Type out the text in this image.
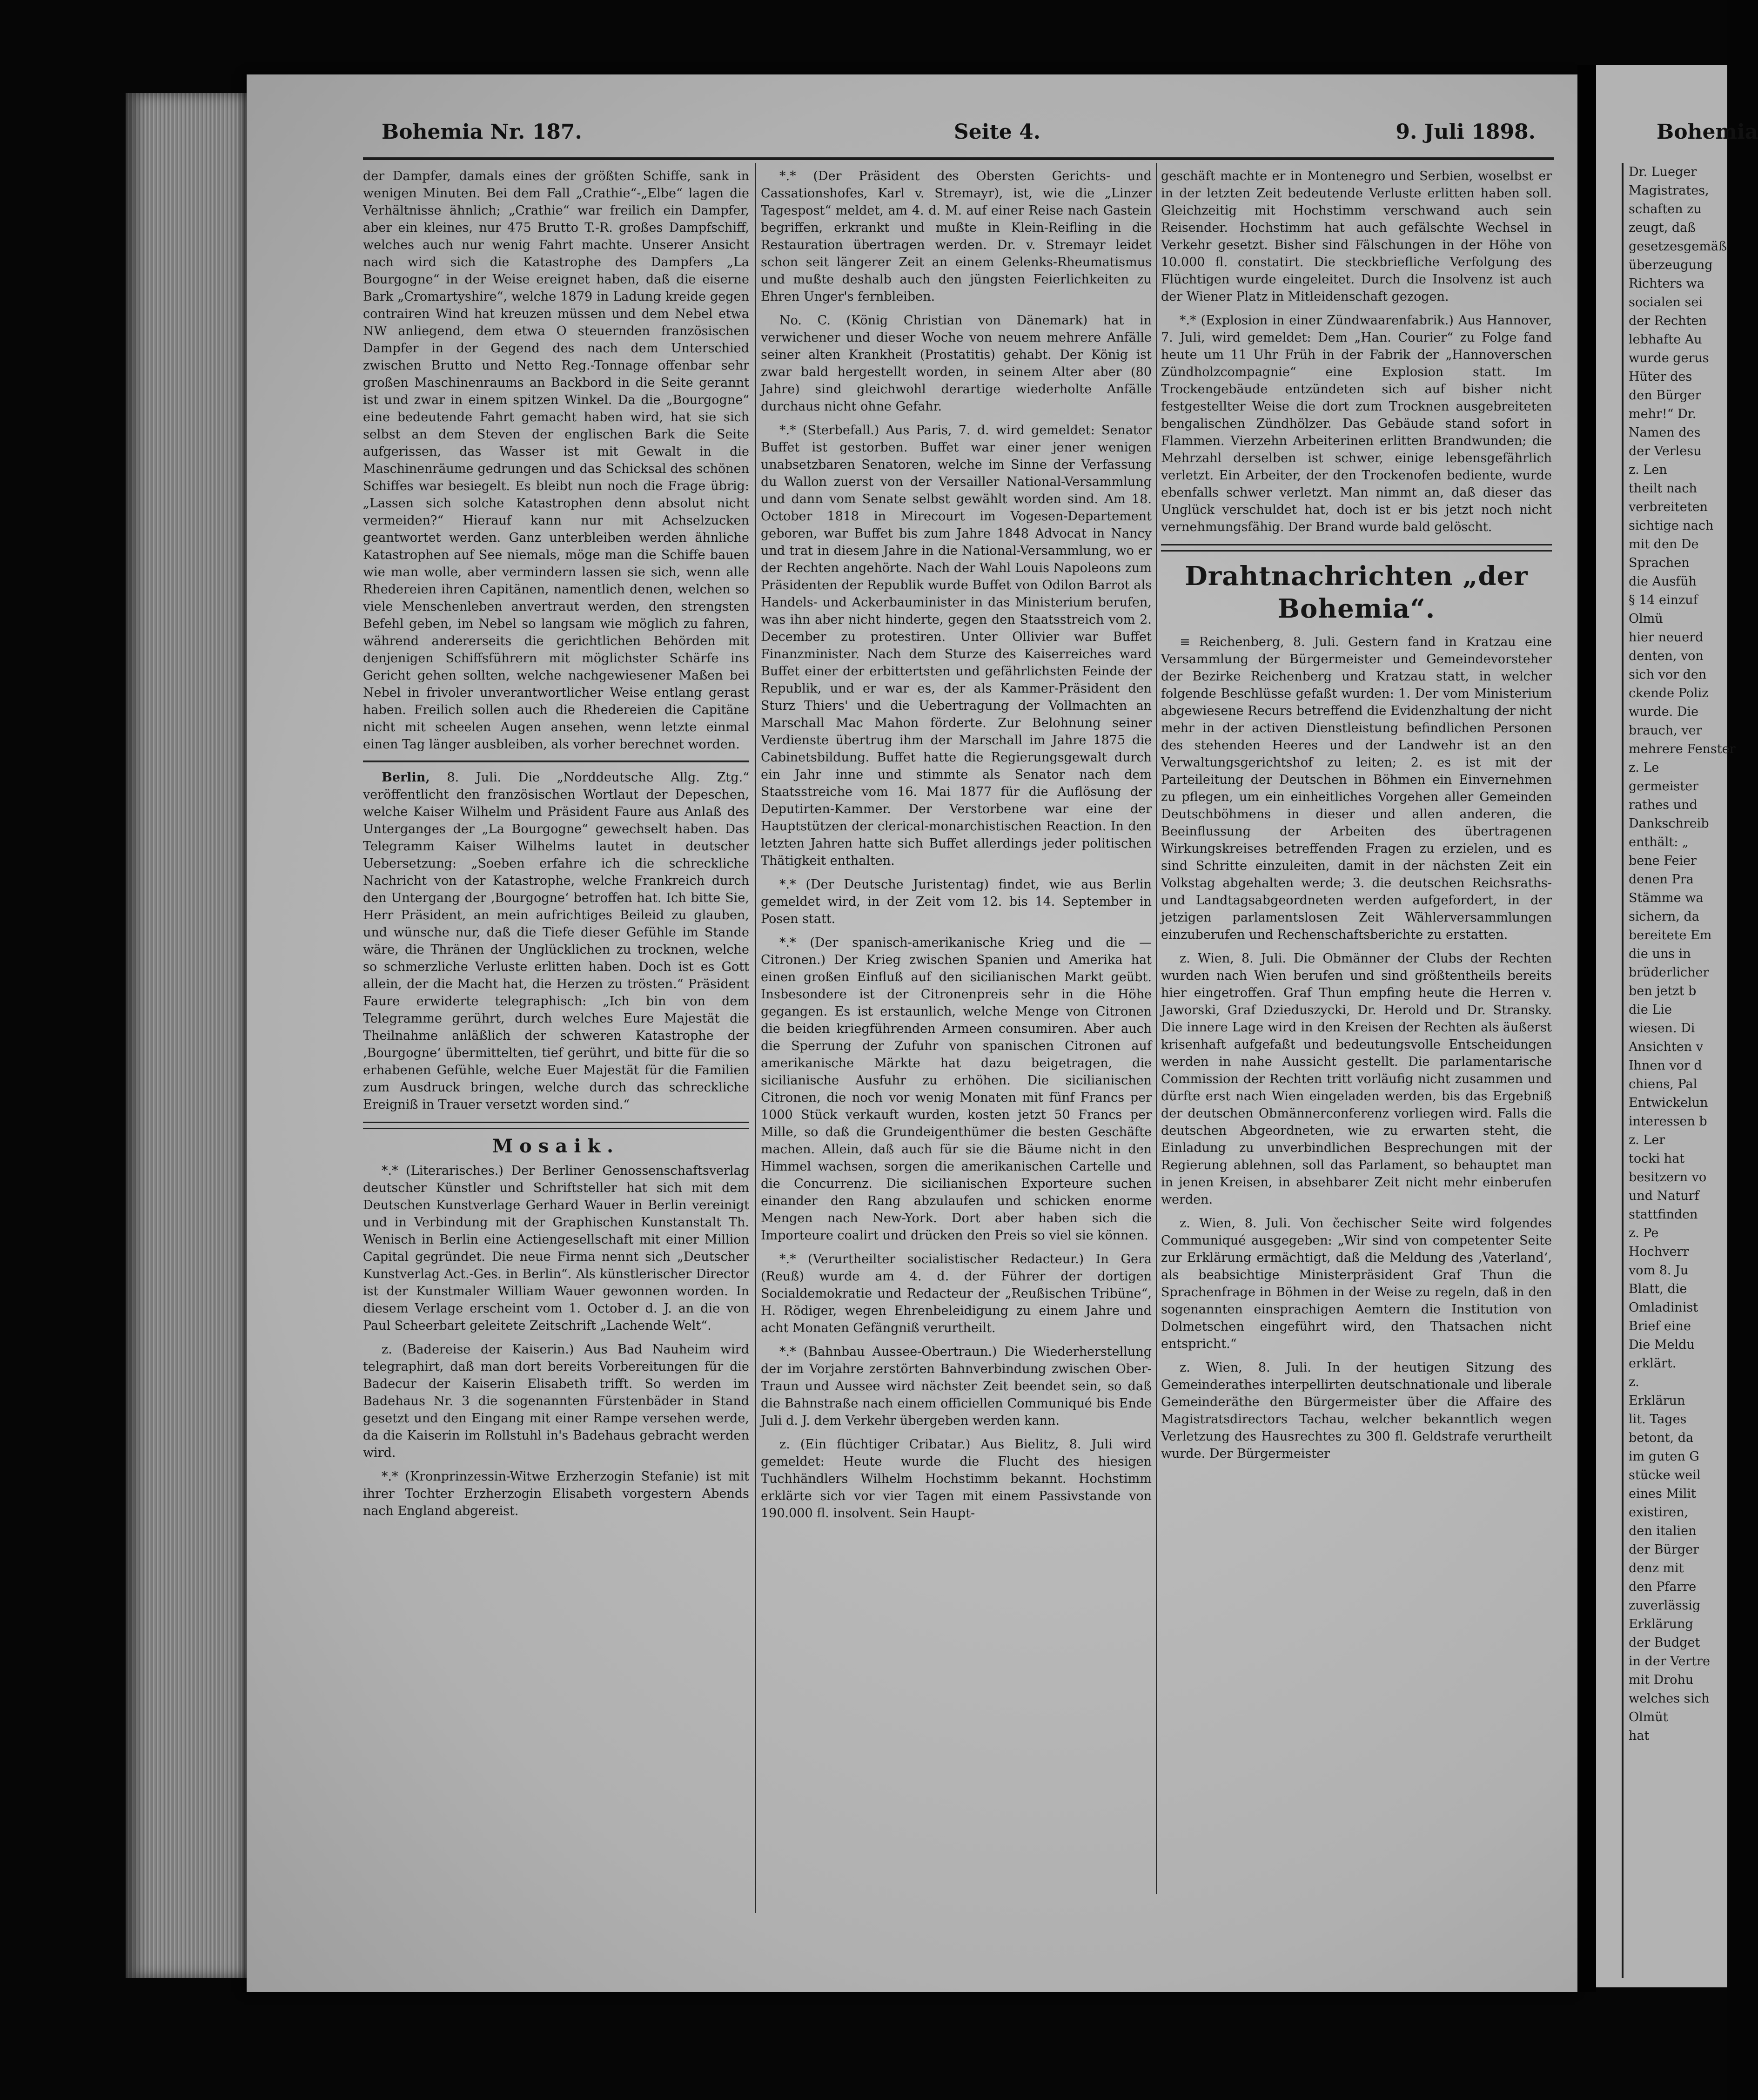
Bohemia Nr. 187.	Seite 4.	9. Juli 1898.

der Dampfer, damals eines der größten Schiffe, sank in wenigen Minuten. Bei dem Fall „Crathie“-„Elbe“ lagen die Verhältnisse ähnlich; „Crathie“ war freilich ein Dampfer, aber ein kleines, nur 475 Brutto T.-R. großes Dampfschiff, welches auch nur wenig Fahrt machte. Unserer Ansicht nach wird sich die Katastrophe des Dampfers „La Bourgogne“ in der Weise ereignet haben, daß die eiserne Bark „Cromartyshire“, welche 1879 in Ladung kreide gegen contrairen Wind hat kreuzen müssen und dem Nebel etwa NW anliegend, dem etwa O steuernden französischen Dampfer in der Gegend des nach dem Unterschied zwischen Brutto und Netto Reg.-Tonnage offenbar sehr großen Maschinenraums an Backbord in die Seite gerannt ist und zwar in einem spitzen Winkel. Da die „Bourgogne“ eine bedeutende Fahrt gemacht haben wird, hat sie sich selbst an dem Steven der englischen Bark die Seite aufgerissen, das Wasser ist mit Gewalt in die Maschinenräume gedrungen und das Schicksal des schönen Schiffes war besiegelt. Es bleibt nun noch die Frage übrig: „Lassen sich solche Katastrophen denn absolut nicht vermeiden?“ Hierauf kann nur mit Achselzucken geantwortet werden. Ganz unterbleiben werden ähnliche Katastrophen auf See niemals, möge man die Schiffe bauen wie man wolle, aber vermindern lassen sie sich, wenn alle Rhedereien ihren Capitänen, namentlich denen, welchen so viele Menschenleben anvertraut werden, den strengsten Befehl geben, im Nebel so langsam wie möglich zu fahren, während andererseits die gerichtlichen Behörden mit denjenigen Schiffsführern mit möglichster Schärfe ins Gericht gehen sollten, welche nachgewiesener Maßen bei Nebel in frivoler unverantwortlicher Weise entlang gerast haben. Freilich sollen auch die Rhedereien die Capitäne nicht mit scheelen Augen ansehen, wenn letzte einmal einen Tag länger ausbleiben, als vorher berechnet worden.

Berlin, 8. Juli. Die „Norddeutsche Allg. Ztg.“ veröffentlicht den französischen Wortlaut der Depeschen, welche Kaiser Wilhelm und Präsident Faure aus Anlaß des Unterganges der „La Bourgogne“ gewechselt haben. Das Telegramm Kaiser Wilhelms lautet in deutscher Uebersetzung: „Soeben erfahre ich die schreckliche Nachricht von der Katastrophe, welche Frankreich durch den Untergang der ‚Bourgogne‘ betroffen hat. Ich bitte Sie, Herr Präsident, an mein aufrichtiges Beileid zu glauben, und wünsche nur, daß die Tiefe dieser Gefühle im Stande wäre, die Thränen der Unglücklichen zu trocknen, welche so schmerzliche Verluste erlitten haben. Doch ist es Gott allein, der die Macht hat, die Herzen zu trösten.“ Präsident Faure erwiderte telegraphisch: „Ich bin von dem Telegramme gerührt, durch welches Eure Majestät die Theilnahme anläßlich der schweren Katastrophe der ‚Bourgogne‘ übermittelten, tief gerührt, und bitte für die so erhabenen Gefühle, welche Euer Majestät für die Familien zum Ausdruck bringen, welche durch das schreckliche Ereigniß in Trauer versetzt worden sind.“

Mosaik.

*.* (Literarisches.) Der Berliner Genossenschaftsverlag deutscher Künstler und Schriftsteller hat sich mit dem Deutschen Kunstverlage Gerhard Wauer in Berlin vereinigt und in Verbindung mit der Graphischen Kunstanstalt Th. Wenisch in Berlin eine Actiengesellschaft mit einer Million Capital gegründet. Die neue Firma nennt sich „Deutscher Kunstverlag Act.-Ges. in Berlin“. Als künstlerischer Director ist der Kunstmaler William Wauer gewonnen worden. In diesem Verlage erscheint vom 1. October d. J. an die von Paul Scheerbart geleitete Zeitschrift „Lachende Welt“.

z. (Badereise der Kaiserin.) Aus Bad Nauheim wird telegraphirt, daß man dort bereits Vorbereitungen für die Badecur der Kaiserin Elisabeth trifft. So werden im Badehaus Nr. 3 die sogenannten Fürstenbäder in Stand gesetzt und den Eingang mit einer Rampe versehen werde, da die Kaiserin im Rollstuhl in's Badehaus gebracht werden wird.

*.* (Kronprinzessin-Witwe Erzherzogin Stefanie) ist mit ihrer Tochter Erzherzogin Elisabeth vorgestern Abends nach England abgereist.

*.* (Der Präsident des Obersten Gerichts- und Cassationshofes, Karl v. Stremayr), ist, wie die „Linzer Tagespost“ meldet, am 4. d. M. auf einer Reise nach Gastein begriffen, erkrankt und mußte in Klein-Reifling in die Restauration übertragen werden. Dr. v. Stremayr leidet schon seit längerer Zeit an einem Gelenks-Rheumatismus und mußte deshalb auch den jüngsten Feierlichkeiten zu Ehren Unger's fernbleiben.

No. C. (König Christian von Dänemark) hat in verwichener und dieser Woche von neuem mehrere Anfälle seiner alten Krankheit (Prostatitis) gehabt. Der König ist zwar bald hergestellt worden, in seinem Alter aber (80 Jahre) sind gleichwohl derartige wiederholte Anfälle durchaus nicht ohne Gefahr.

*.* (Sterbefall.) Aus Paris, 7. d. wird gemeldet: Senator Buffet ist gestorben. Buffet war einer jener wenigen unabsetzbaren Senatoren, welche im Sinne der Verfassung du Wallon zuerst von der Versailler National-Versammlung und dann vom Senate selbst gewählt worden sind. Am 18. October 1818 in Mirecourt im Vogesen-Departement geboren, war Buffet bis zum Jahre 1848 Advocat in Nancy und trat in diesem Jahre in die National-Versammlung, wo er der Rechten angehörte. Nach der Wahl Louis Napoleons zum Präsidenten der Republik wurde Buffet von Odilon Barrot als Handels- und Ackerbauminister in das Ministerium berufen, was ihn aber nicht hinderte, gegen den Staatsstreich vom 2. December zu protestiren. Unter Ollivier war Buffet Finanzminister. Nach dem Sturze des Kaiserreiches ward Buffet einer der erbittertsten und gefährlichsten Feinde der Republik, und er war es, der als Kammer-Präsident den Sturz Thiers' und die Uebertragung der Vollmachten an Marschall Mac Mahon förderte. Zur Belohnung seiner Verdienste übertrug ihm der Marschall im Jahre 1875 die Cabinetsbildung. Buffet hatte die Regierungsgewalt durch ein Jahr inne und stimmte als Senator nach dem Staatsstreiche vom 16. Mai 1877 für die Auflösung der Deputirten-Kammer. Der Verstorbene war eine der Hauptstützen der clerical-monarchistischen Reaction. In den letzten Jahren hatte sich Buffet allerdings jeder politischen Thätigkeit enthalten.

*.* (Der Deutsche Juristentag) findet, wie aus Berlin gemeldet wird, in der Zeit vom 12. bis 14. September in Posen statt.

*.* (Der spanisch-amerikanische Krieg und die — Citronen.) Der Krieg zwischen Spanien und Amerika hat einen großen Einfluß auf den sicilianischen Markt geübt. Insbesondere ist der Citronenpreis sehr in die Höhe gegangen. Es ist erstaunlich, welche Menge von Citronen die beiden kriegführenden Armeen consumiren. Aber auch die Sperrung der Zufuhr von spanischen Citronen auf amerikanische Märkte hat dazu beigetragen, die sicilianische Ausfuhr zu erhöhen. Die sicilianischen Citronen, die noch vor wenig Monaten mit fünf Francs per 1000 Stück verkauft wurden, kosten jetzt 50 Francs per Mille, so daß die Grundeigenthümer die besten Geschäfte machen. Allein, daß auch für sie die Bäume nicht in den Himmel wachsen, sorgen die amerikanischen Cartelle und die Concurrenz. Die sicilianischen Exporteure suchen einander den Rang abzulaufen und schicken enorme Mengen nach New-York. Dort aber haben sich die Importeure coalirt und drücken den Preis so viel sie können.

*.* (Verurtheilter socialistischer Redacteur.) In Gera (Reuß) wurde am 4. d. der Führer der dortigen Socialdemokratie und Redacteur der „Reußischen Tribüne“, H. Rödiger, wegen Ehrenbeleidigung zu einem Jahre und acht Monaten Gefängniß verurtheilt.

*.* (Bahnbau Aussee-Obertraun.) Die Wiederherstellung der im Vorjahre zerstörten Bahnverbindung zwischen Ober-Traun und Aussee wird nächster Zeit beendet sein, so daß die Bahnstraße nach einem officiellen Communiqué bis Ende Juli d. J. dem Verkehr übergeben werden kann.

z. (Ein flüchtiger Cribatar.) Aus Bielitz, 8. Juli wird gemeldet: Heute wurde die Flucht des hiesigen Tuchhändlers Wilhelm Hochstimm bekannt. Hochstimm erklärte sich vor vier Tagen mit einem Passivstande von 190.000 fl. insolvent. Sein Haupt-

geschäft machte er in Montenegro und Serbien, woselbst er in der letzten Zeit bedeutende Verluste erlitten haben soll. Gleichzeitig mit Hochstimm verschwand auch sein Reisender. Hochstimm hat auch gefälschte Wechsel in Verkehr gesetzt. Bisher sind Fälschungen in der Höhe von 10.000 fl. constatirt. Die steckbriefliche Verfolgung des Flüchtigen wurde eingeleitet. Durch die Insolvenz ist auch der Wiener Platz in Mitleidenschaft gezogen.

*.* (Explosion in einer Zündwaarenfabrik.) Aus Hannover, 7. Juli, wird gemeldet: Dem „Han. Courier“ zu Folge fand heute um 11 Uhr Früh in der Fabrik der „Hannoverschen Zündholzcompagnie“ eine Explosion statt. Im Trockengebäude entzündeten sich auf bisher nicht festgestellter Weise die dort zum Trocknen ausgebreiteten bengalischen Zündhölzer. Das Gebäude stand sofort in Flammen. Vierzehn Arbeiterinen erlitten Brandwunden; die Mehrzahl derselben ist schwer, einige lebensgefährlich verletzt. Ein Arbeiter, der den Trockenofen bediente, wurde ebenfalls schwer verletzt. Man nimmt an, daß dieser das Unglück verschuldet hat, doch ist er bis jetzt noch nicht vernehmungsfähig. Der Brand wurde bald gelöscht.

Drahtnachrichten „der Bohemia“.

≡ Reichenberg, 8. Juli. Gestern fand in Kratzau eine Versammlung der Bürgermeister und Gemeindevorsteher der Bezirke Reichenberg und Kratzau statt, in welcher folgende Beschlüsse gefaßt wurden: 1. Der vom Ministerium abgewiesene Recurs betreffend die Evidenzhaltung der nicht mehr in der activen Dienstleistung befindlichen Personen des stehenden Heeres und der Landwehr ist an den Verwaltungsgerichtshof zu leiten; 2. es ist mit der Parteileitung der Deutschen in Böhmen ein Einvernehmen zu pflegen, um ein einheitliches Vorgehen aller Gemeinden Deutschböhmens in dieser und allen anderen, die Beeinflussung der Arbeiten des übertragenen Wirkungskreises betreffenden Fragen zu erzielen, und es sind Schritte einzuleiten, damit in der nächsten Zeit ein Volkstag abgehalten werde; 3. die deutschen Reichsraths- und Landtagsabgeordneten werden aufgefordert, in der jetzigen parlamentslosen Zeit Wählerversammlungen einzuberufen und Rechenschaftsberichte zu erstatten.

z. Wien, 8. Juli. Die Obmänner der Clubs der Rechten wurden nach Wien berufen und sind größtentheils bereits hier eingetroffen. Graf Thun empfing heute die Herren v. Jaworski, Graf Dzieduszycki, Dr. Herold und Dr. Stransky. Die innere Lage wird in den Kreisen der Rechten als äußerst krisenhaft aufgefaßt und bedeutungsvolle Entscheidungen werden in nahe Aussicht gestellt. Die parlamentarische Commission der Rechten tritt vorläufig nicht zusammen und dürfte erst nach Wien eingeladen werden, bis das Ergebniß der deutschen Obmännerconferenz vorliegen wird. Falls die deutschen Abgeordneten, wie zu erwarten steht, die Einladung zu unverbindlichen Besprechungen mit der Regierung ablehnen, soll das Parlament, so behauptet man in jenen Kreisen, in absehbarer Zeit nicht mehr einberufen werden.

z. Wien, 8. Juli. Von čechischer Seite wird folgendes Communiqué ausgegeben: „Wir sind von competenter Seite zur Erklärung ermächtigt, daß die Meldung des ‚Vaterland‘, als beabsichtige Ministerpräsident Graf Thun die Sprachenfrage in Böhmen in der Weise zu regeln, daß in den sogenannten einsprachigen Aemtern die Institution von Dolmetschen eingeführt wird, den Thatsachen nicht entspricht.“

z. Wien, 8. Juli. In der heutigen Sitzung des Gemeinderathes interpellirten deutschnationale und liberale Gemeinderäthe den Bürgermeister über die Affaire des Magistratsdirectors Tachau, welcher bekanntlich wegen Verletzung des Hausrechtes zu 300 fl. Geldstrafe verurtheilt wurde. Der Bürgermeister

Bohemia
Dr. Lueger
Magistrates,
schaften zu
zeugt, daß
gesetzesgemäß
überzeugung
Richters wa
socialen sei
der Rechten
lebhafte Au
wurde gerus
Hüter des
den Bürger
mehr!“ Dr.
Namen des
der Verlesu
z. Len
theilt nach
verbreiteten
sichtige nach
mit den De
Sprachen
die Ausfüh
§ 14 einzuf
Olmü
hier neuerd
denten, von
sich vor den
ckende Poliz
wurde. Die
brauch, ver
mehrere Fenster
z. Le
germeister
rathes und
Dankschreib
enthält: „
bene Feier
denen Pra
Stämme wa
sichern, da
bereitete Em
die uns in
brüderlicher
ben jetzt b
die Lie
wiesen. Di
Ansichten v
Ihnen vor d
chiens, Pal
Entwickelun
interessen b
z. Ler
tocki hat
besitzern vo
und Naturf
stattfinden
z. Pe
Hochverr
vom 8. Ju
Blatt, die
Omladinist
Brief eine
Die Meldu
erklärt.
z.
Erklärun
lit. Tages
betont, da
im guten G
stücke weil
eines Milit
existiren,
den italien
der Bürger
denz mit
den Pfarre
zuverlässig
Erklärung
der Budget
in der Vertre
mit Drohu
welches sich
Olmüt
hat
